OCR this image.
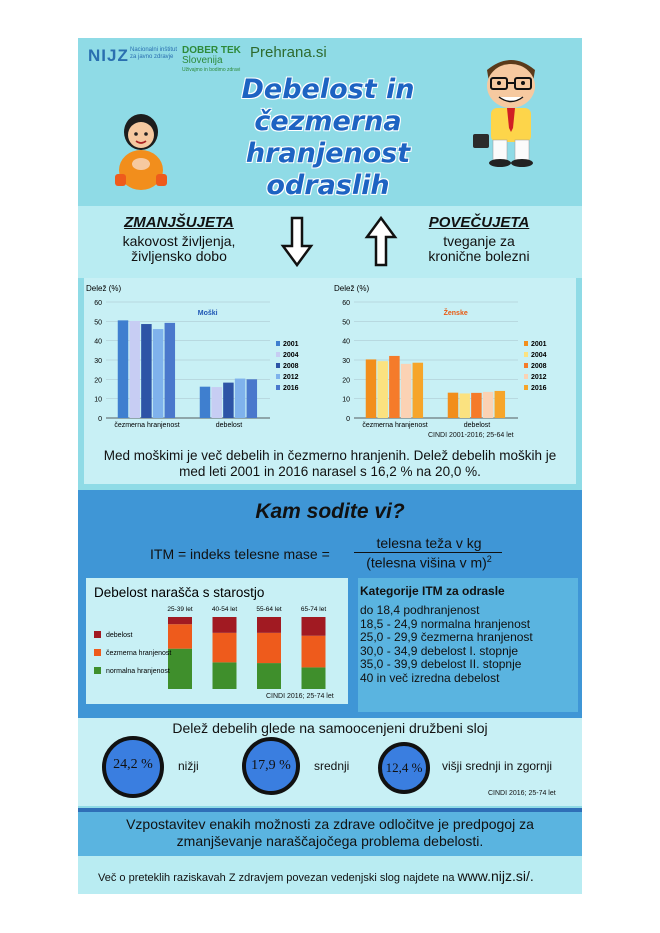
NIJZ Nacionalni inštitut za javno zdravje
DOBER TEK
Slovenija
Uživajmo in bodimo zdravi
Prehrana.si
Debelost in
čezmerna
hranjenost
odraslih
ZMANJŠUJETA
kakovost življenja,
življensko dobo
POVEČUJETA
tveganje za
kronične bolezni
Delež (%)
0
10
20
30
40
50
60
Moški
čezmerna hranjenost	debelost
2001
2004
2008
2012
2016
Delež (%)
0
10
20
30
40
50
60
Ženske
čezmerna hranjenost	debelost
2001
2004
2008
2012
2016
CINDI 2001-2016; 25-64 let
Med moškimi je več debelih in čezmerno hranjenih. Delež debelih moških je med leti 2001 in 2016 narasel s 16,2 % na 20,0 %.
Kam sodite vi?
ITM = indeks telesne mase =
telesna teža v kg
(telesna višina v m)$^2$
Debelost narašča s starostjo
25-39 let	40-54 let	55-64 let	65-74 let
debelost
čezmerna hranjenost
normalna hranjenost
CINDI 2016; 25-74 let
Kategorije ITM za odrasle
do 18,4 podhranjenost
18,5 - 24,9 normalna hranjenost
25,0 - 29,9 čezmerna hranjenost
30,0 - 34,9 debelost I. stopnje
35,0 - 39,9 debelost II. stopnje
40 in več izredna debelost
Delež debelih glede na samoocenjeni družbeni sloj
24,2 %	nižji	17,9 %	srednji	12,4 %	višji srednji in zgornji
CINDI 2016; 25-74 let
Vzpostavitev enakih možnosti za zdrave odločitve je predpogoj za zmanjševanje naraščajočega problema debelosti.
Več o preteklih raziskavah Z zdravjem povezan vedenjski slog najdete na www.nijz.si/.
